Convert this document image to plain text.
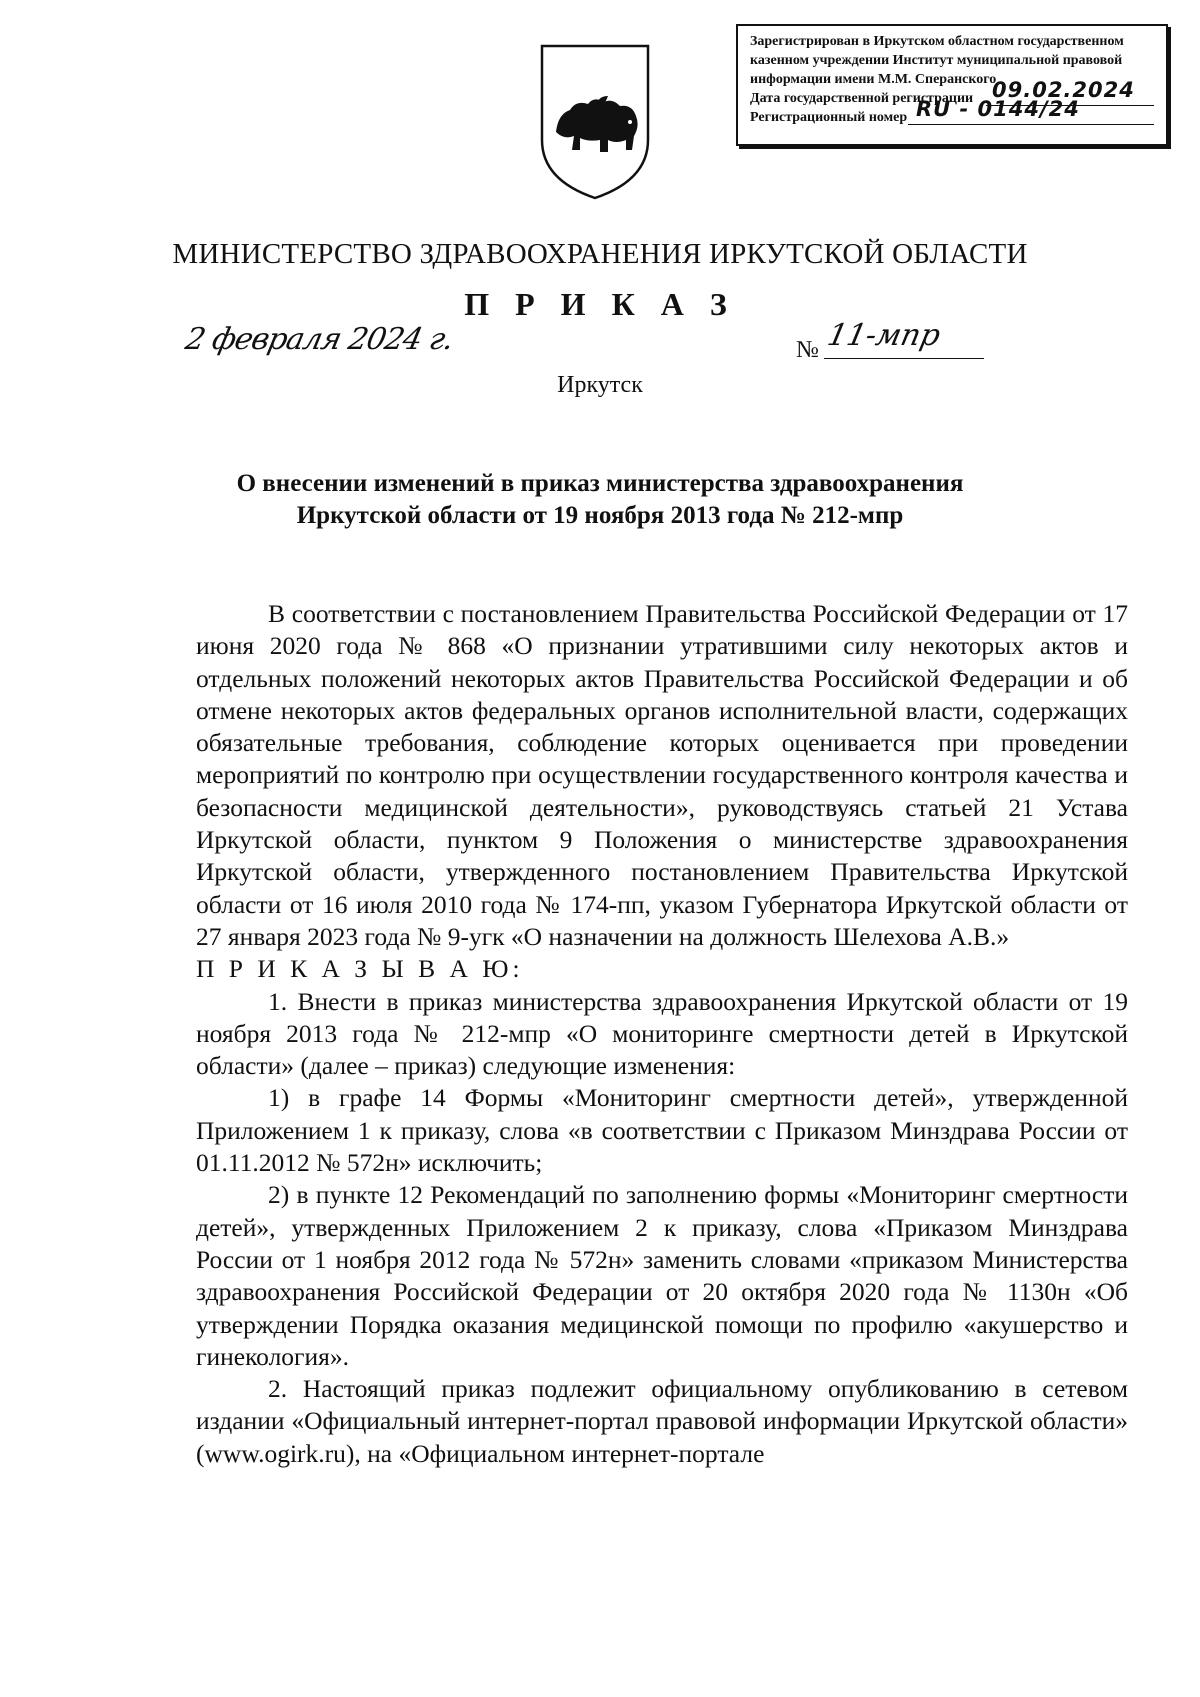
Зарегистрирован в Иркутском областном государственном
казенном учреждении Институт муниципальной правовой
информации имени М.М. Сперанского
Дата государственной регистрации 09.02.2024
Регистрационный номер RU - 0144/24
МИНИСТЕРСТВО ЗДРАВООХРАНЕНИЯ ИРКУТСКОЙ ОБЛАСТИ
П Р И К А З
2 февраля 2024 г.	№ 11-мпр
Иркутск
О внесении изменений в приказ министерства здравоохранения
Иркутской области от 19 ноября 2013 года № 212-мпр

В соответствии с постановлением Правительства Российской Федерации от 17 июня 2020 года № 868 «О признании утратившими силу некоторых актов и отдельных положений некоторых актов Правительства Российской Федерации и об отмене некоторых актов федеральных органов исполнительной власти, содержащих обязательные требования, соблюдение которых оценивается при проведении мероприятий по контролю при осуществлении государственного контроля качества и безопасности медицинской деятельности», руководствуясь статьей 21 Устава Иркутской области, пунктом 9 Положения о министерстве здравоохранения Иркутской области, утвержденного постановлением Правительства Иркутской области от 16 июля 2010 года № 174-пп, указом Губернатора Иркутской области от 27 января 2023 года № 9-угк «О назначении на должность Шелехова А.В.»

П Р И К А З Ы В А Ю:

1. Внести в приказ министерства здравоохранения Иркутской области от 19 ноября 2013 года № 212-мпр «О мониторинге смертности детей в Иркутской области» (далее – приказ) следующие изменения:

1) в графе 14 Формы «Мониторинг смертности детей», утвержденной Приложением 1 к приказу, слова «в соответствии с Приказом Минздрава России от 01.11.2012 № 572н» исключить;

2) в пункте 12 Рекомендаций по заполнению формы «Мониторинг смертности детей», утвержденных Приложением 2 к приказу, слова «Приказом Минздрава России от 1 ноября 2012 года № 572н» заменить словами «приказом Министерства здравоохранения Российской Федерации от 20 октября 2020 года № 1130н «Об утверждении Порядка оказания медицинской помощи по профилю «акушерство и гинекология».

2. Настоящий приказ подлежит официальному опубликованию в сетевом издании «Официальный интернет-портал правовой информации Иркутской области» (www.ogirk.ru), на «Официальном интернет-портале
